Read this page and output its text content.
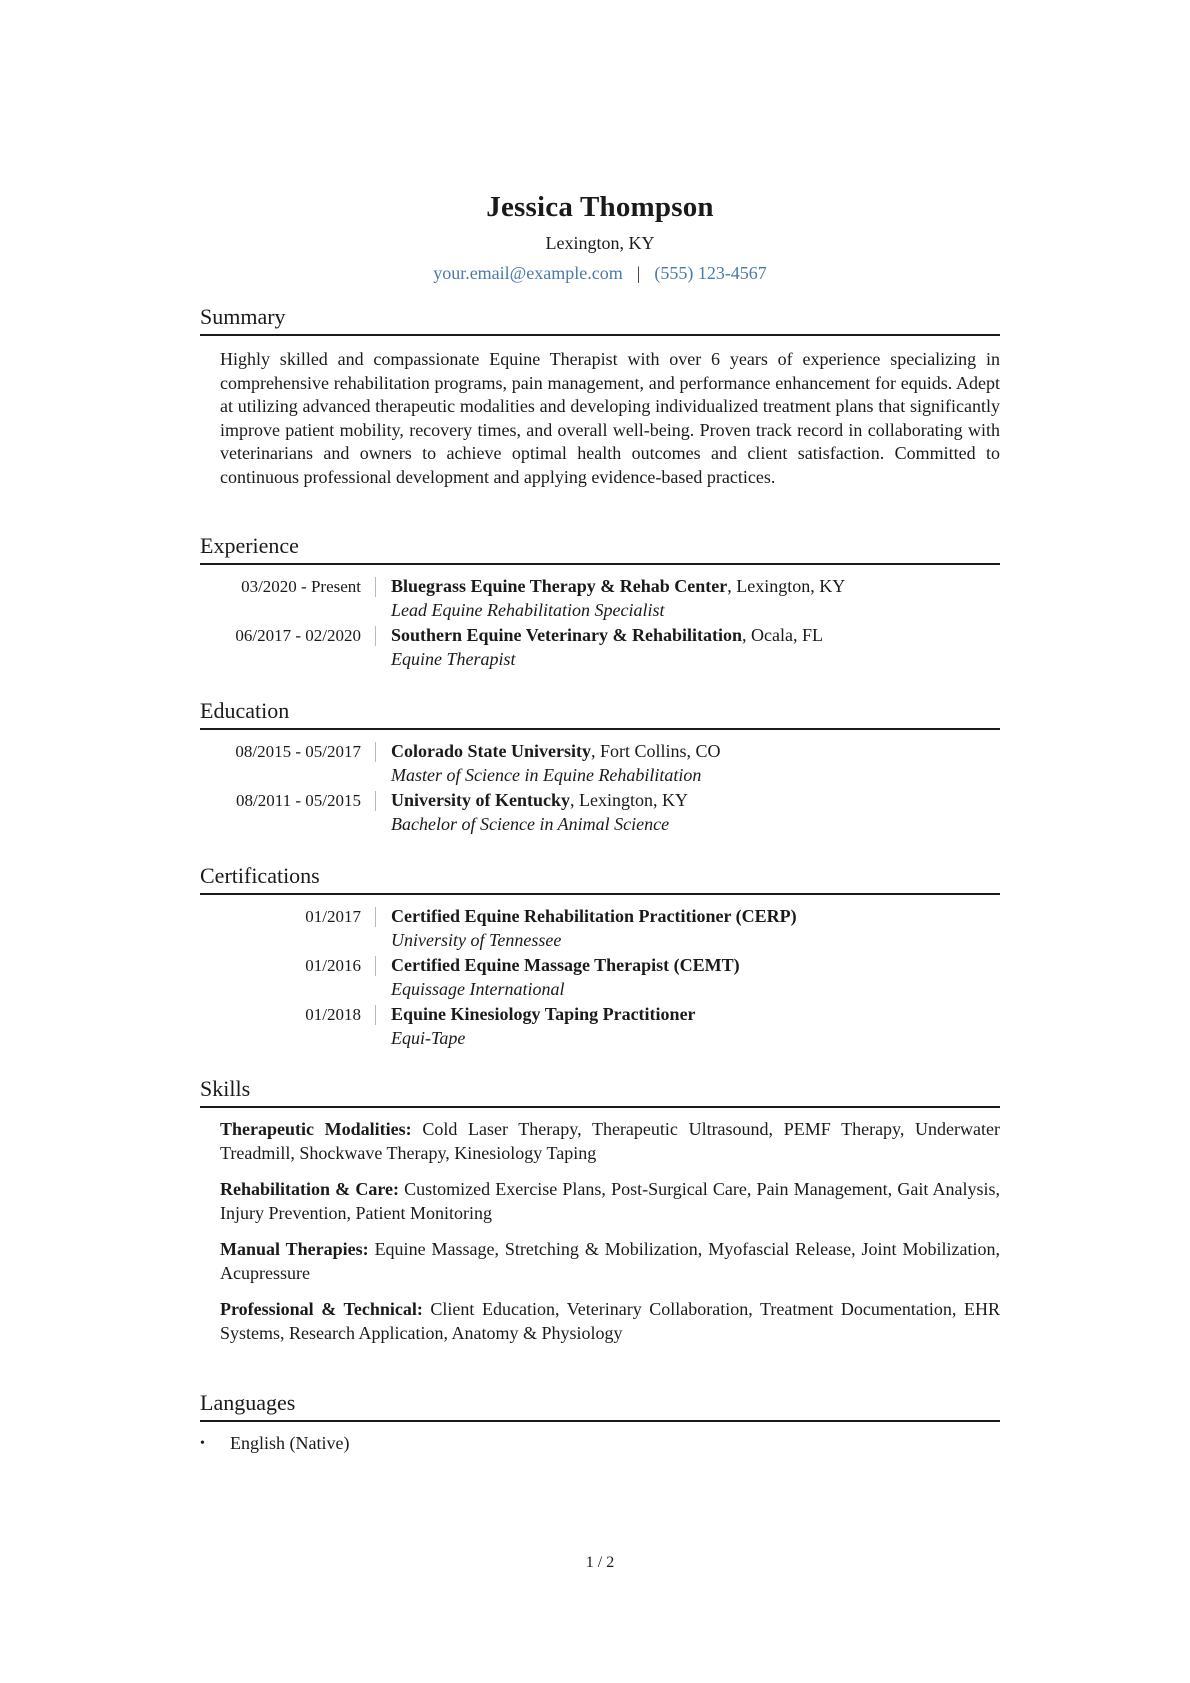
Jessica Thompson
Lexington, KY
your.email@example.com | (555) 123-4567
Summary
Highly skilled and compassionate Equine Therapist with over 6 years of experience specializing in comprehensive rehabilitation programs, pain management, and performance enhancement for equids. Adept at utilizing advanced therapeutic modalities and developing individualized treatment plans that significantly improve patient mobility, recovery times, and overall well-being. Proven track record in collaborating with veterinarians and owners to achieve optimal health outcomes and client satisfaction. Committed to continuous professional development and applying evidence-based practices.
Experience
03/2020 - Present	Bluegrass Equine Therapy & Rehab Center, Lexington, KY
Lead Equine Rehabilitation Specialist
06/2017 - 02/2020	Southern Equine Veterinary & Rehabilitation, Ocala, FL
Equine Therapist
Education
08/2015 - 05/2017	Colorado State University, Fort Collins, CO
Master of Science in Equine Rehabilitation
08/2011 - 05/2015	University of Kentucky, Lexington, KY
Bachelor of Science in Animal Science
Certifications
01/2017	Certified Equine Rehabilitation Practitioner (CERP)
University of Tennessee
01/2016	Certified Equine Massage Therapist (CEMT)
Equissage International
01/2018	Equine Kinesiology Taping Practitioner
Equi-Tape
Skills
Therapeutic Modalities: Cold Laser Therapy, Therapeutic Ultrasound, PEMF Therapy, Underwater Treadmill, Shockwave Therapy, Kinesiology Taping
Rehabilitation & Care: Customized Exercise Plans, Post-Surgical Care, Pain Management, Gait Analysis, Injury Prevention, Patient Monitoring
Manual Therapies: Equine Massage, Stretching & Mobilization, Myofascial Release, Joint Mobilization, Acupressure
Professional & Technical: Client Education, Veterinary Collaboration, Treatment Documentation, EHR Systems, Research Application, Anatomy & Physiology
Languages
•	English (Native)
1 / 2
